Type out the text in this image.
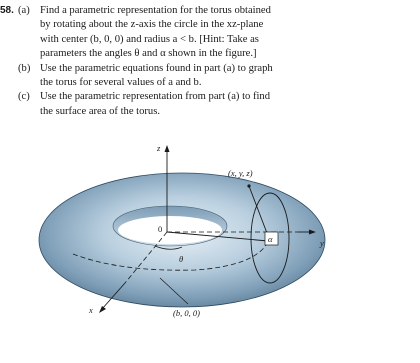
58. (a) Find a parametric representation for the torus obtained
by rotating about the z-axis the circle in the xz-plane
with center (b, 0, 0) and radius a < b. [Hint: Take as
parameters the angles θ and α shown in the figure.]
(b) Use the parametric equations found in part (a) to graph
the torus for several values of a and b.
(c) Use the parametric representation from part (a) to find
the surface area of the torus.
z
y
x
α
θ
0
(x, y, z)
(b, 0, 0)
